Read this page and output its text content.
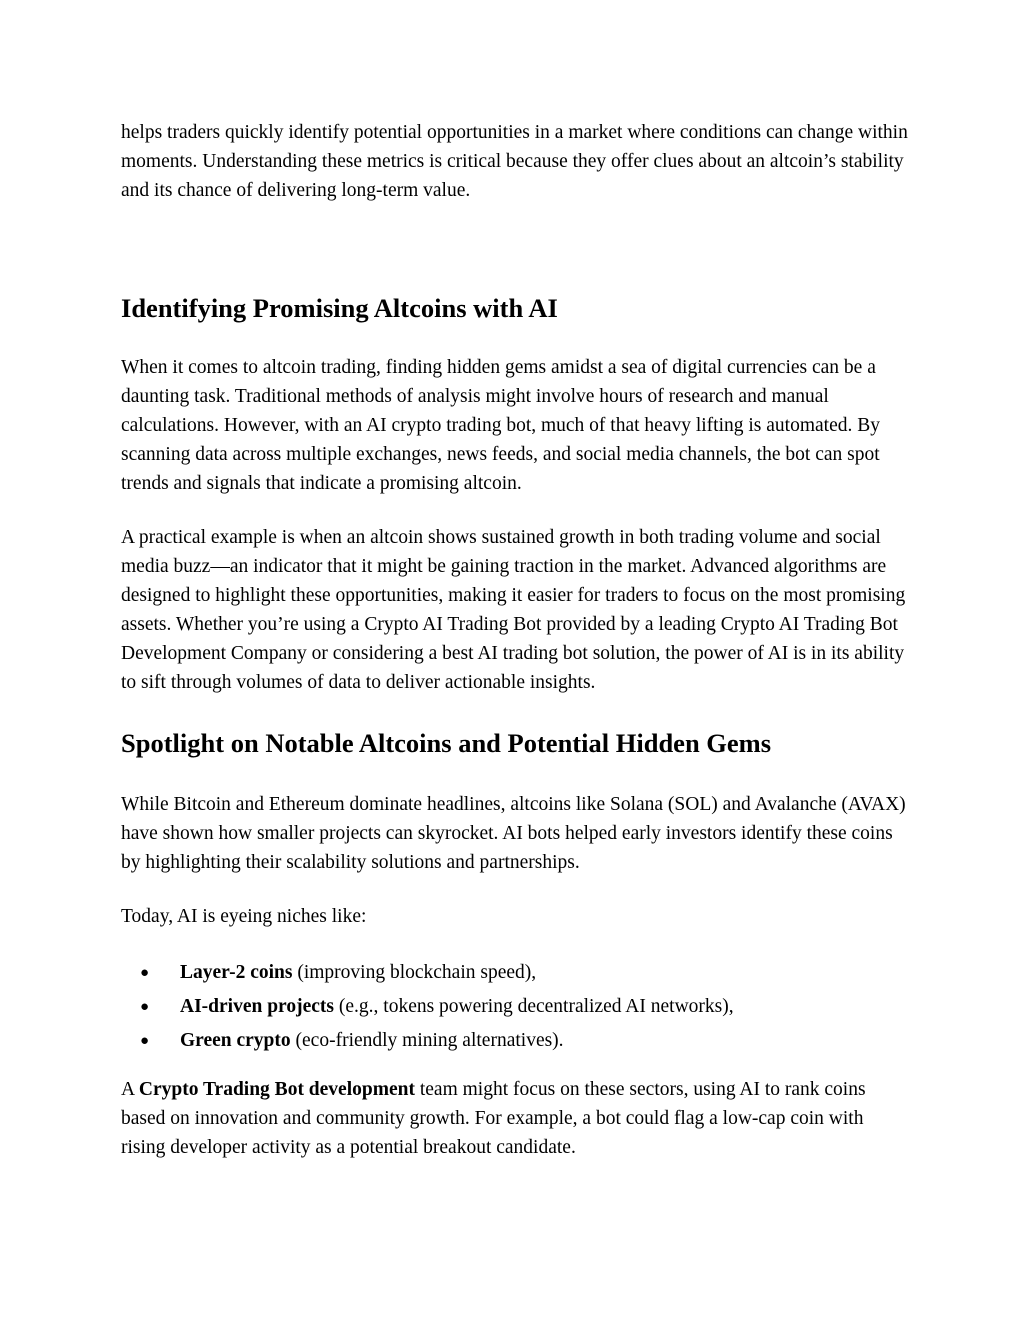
helps traders quickly identify potential opportunities in a market where conditions can change within moments. Understanding these metrics is critical because they offer clues about an altcoin’s stability and its chance of delivering long-term value.

Identifying Promising Altcoins with AI

When it comes to altcoin trading, finding hidden gems amidst a sea of digital currencies can be a daunting task. Traditional methods of analysis might involve hours of research and manual calculations. However, with an AI crypto trading bot, much of that heavy lifting is automated. By scanning data across multiple exchanges, news feeds, and social media channels, the bot can spot trends and signals that indicate a promising altcoin.

A practical example is when an altcoin shows sustained growth in both trading volume and social media buzz—an indicator that it might be gaining traction in the market. Advanced algorithms are designed to highlight these opportunities, making it easier for traders to focus on the most promising assets. Whether you’re using a Crypto AI Trading Bot provided by a leading Crypto AI Trading Bot Development Company or considering a best AI trading bot solution, the power of AI is in its ability to sift through volumes of data to deliver actionable insights.

Spotlight on Notable Altcoins and Potential Hidden Gems

While Bitcoin and Ethereum dominate headlines, altcoins like Solana (SOL) and Avalanche (AVAX) have shown how smaller projects can skyrocket. AI bots helped early investors identify these coins by highlighting their scalability solutions and partnerships.

Today, AI is eyeing niches like:

● Layer-2 coins (improving blockchain speed),
● AI-driven projects (e.g., tokens powering decentralized AI networks),
● Green crypto (eco-friendly mining alternatives).

A Crypto Trading Bot development team might focus on these sectors, using AI to rank coins based on innovation and community growth. For example, a bot could flag a low-cap coin with rising developer activity as a potential breakout candidate.
